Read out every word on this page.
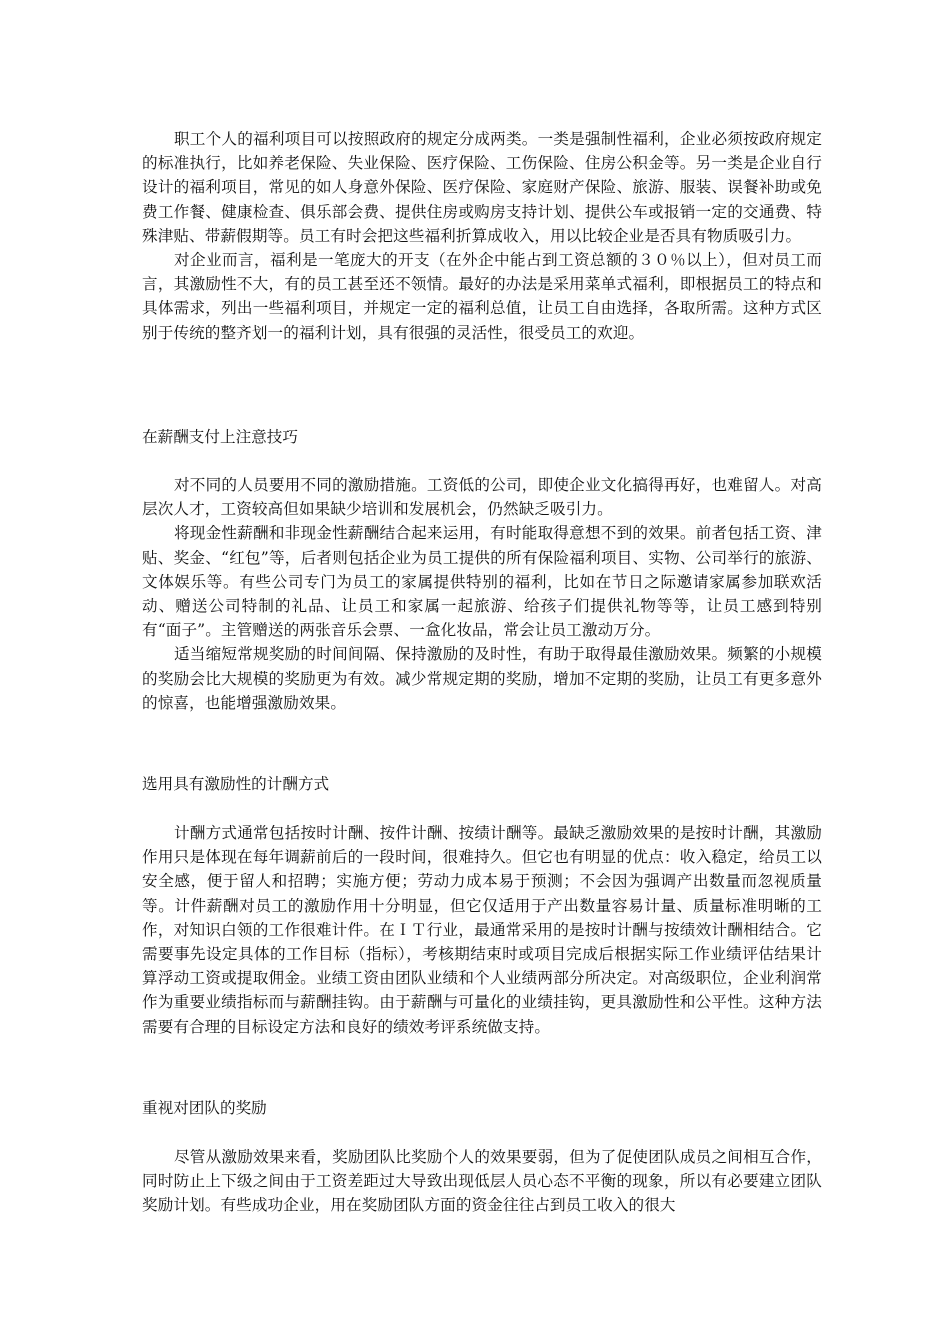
职工个人的福利项目可以按照政府的规定分成两类。一类是强制性福利，企业必须按政府规定的标准执行，比如养老保险、失业保险、医疗保险、工伤保险、住房公积金等。另一类是企业自行设计的福利项目，常见的如人身意外保险、医疗保险、家庭财产保险、旅游、服装、误餐补助或免费工作餐、健康检查、俱乐部会费、提供住房或购房支持计划、提供公车或报销一定的交通费、特殊津贴、带薪假期等。员工有时会把这些福利折算成收入，用以比较企业是否具有物质吸引力。

对企业而言，福利是一笔庞大的开支（在外企中能占到工资总额的３０％以上），但对员工而言，其激励性不大，有的员工甚至还不领情。最好的办法是采用菜单式福利，即根据员工的特点和具体需求，列出一些福利项目，并规定一定的福利总值，让员工自由选择，各取所需。这种方式区别于传统的整齐划一的福利计划，具有很强的灵活性，很受员工的欢迎。

在薪酬支付上注意技巧

对不同的人员要用不同的激励措施。工资低的公司，即使企业文化搞得再好，也难留人。对高层次人才，工资较高但如果缺少培训和发展机会，仍然缺乏吸引力。

将现金性薪酬和非现金性薪酬结合起来运用，有时能取得意想不到的效果。前者包括工资、津贴、奖金、“红包”等，后者则包括企业为员工提供的所有保险福利项目、实物、公司举行的旅游、文体娱乐等。有些公司专门为员工的家属提供特别的福利，比如在节日之际邀请家属参加联欢活动、赠送公司特制的礼品、让员工和家属一起旅游、给孩子们提供礼物等等，让员工感到特别有“面子”。主管赠送的两张音乐会票、一盒化妆品，常会让员工激动万分。

适当缩短常规奖励的时间间隔、保持激励的及时性，有助于取得最佳激励效果。频繁的小规模的奖励会比大规模的奖励更为有效。减少常规定期的奖励，增加不定期的奖励，让员工有更多意外的惊喜，也能增强激励效果。

选用具有激励性的计酬方式

计酬方式通常包括按时计酬、按件计酬、按绩计酬等。最缺乏激励效果的是按时计酬，其激励作用只是体现在每年调薪前后的一段时间，很难持久。但它也有明显的优点：收入稳定，给员工以安全感，便于留人和招聘；实施方便；劳动力成本易于预测；不会因为强调产出数量而忽视质量等。计件薪酬对员工的激励作用十分明显，但它仅适用于产出数量容易计量、质量标准明晰的工作，对知识白领的工作很难计件。在ＩＴ行业，最通常采用的是按时计酬与按绩效计酬相结合。它需要事先设定具体的工作目标（指标），考核期结束时或项目完成后根据实际工作业绩评估结果计算浮动工资或提取佣金。业绩工资由团队业绩和个人业绩两部分所决定。对高级职位，企业利润常作为重要业绩指标而与薪酬挂钩。由于薪酬与可量化的业绩挂钩，更具激励性和公平性。这种方法需要有合理的目标设定方法和良好的绩效考评系统做支持。

重视对团队的奖励

尽管从激励效果来看，奖励团队比奖励个人的效果要弱，但为了促使团队成员之间相互合作，同时防止上下级之间由于工资差距过大导致出现低层人员心态不平衡的现象，所以有必要建立团队奖励计划。有些成功企业，用在奖励团队方面的资金往往占到员工收入的很大
